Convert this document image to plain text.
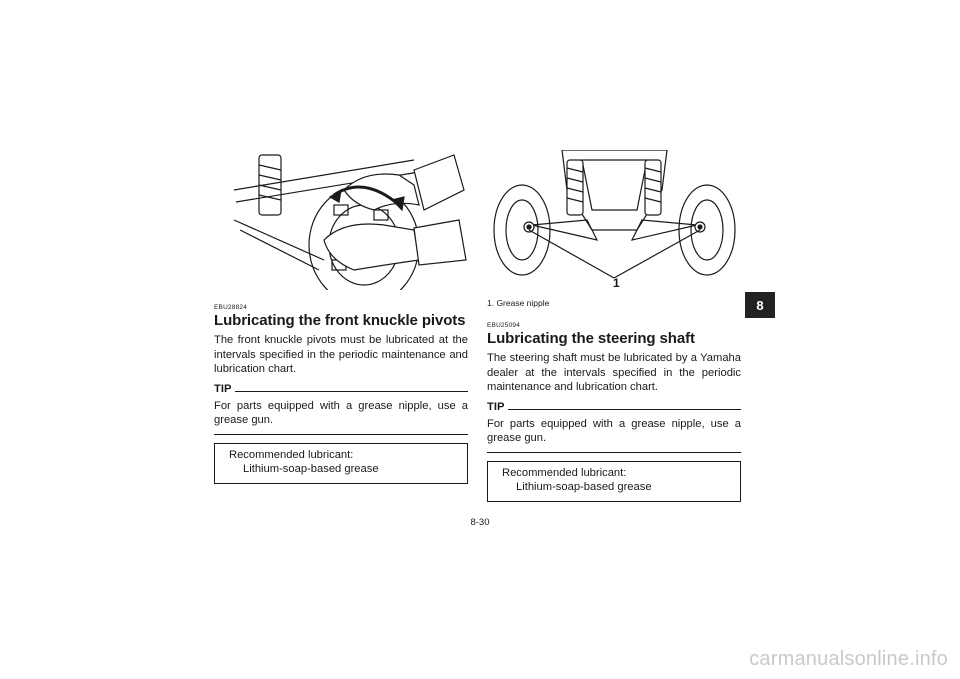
EBU28824
Lubricating the front knuckle pivots

The front knuckle pivots must be lubricated at the intervals specified in the periodic maintenance and lubrication chart.

TIP

For parts equipped with a grease nipple, use a grease gun.

Recommended lubricant:
Lithium-soap-based grease
1
1. Grease nipple
EBU25094
Lubricating the steering shaft

The steering shaft must be lubricated by a Yamaha dealer at the intervals specified in the periodic maintenance and lubrication chart.

TIP

For parts equipped with a grease nipple, use a grease gun.

Recommended lubricant:
Lithium-soap-based grease
8
8-30
carmanualsonline.info
